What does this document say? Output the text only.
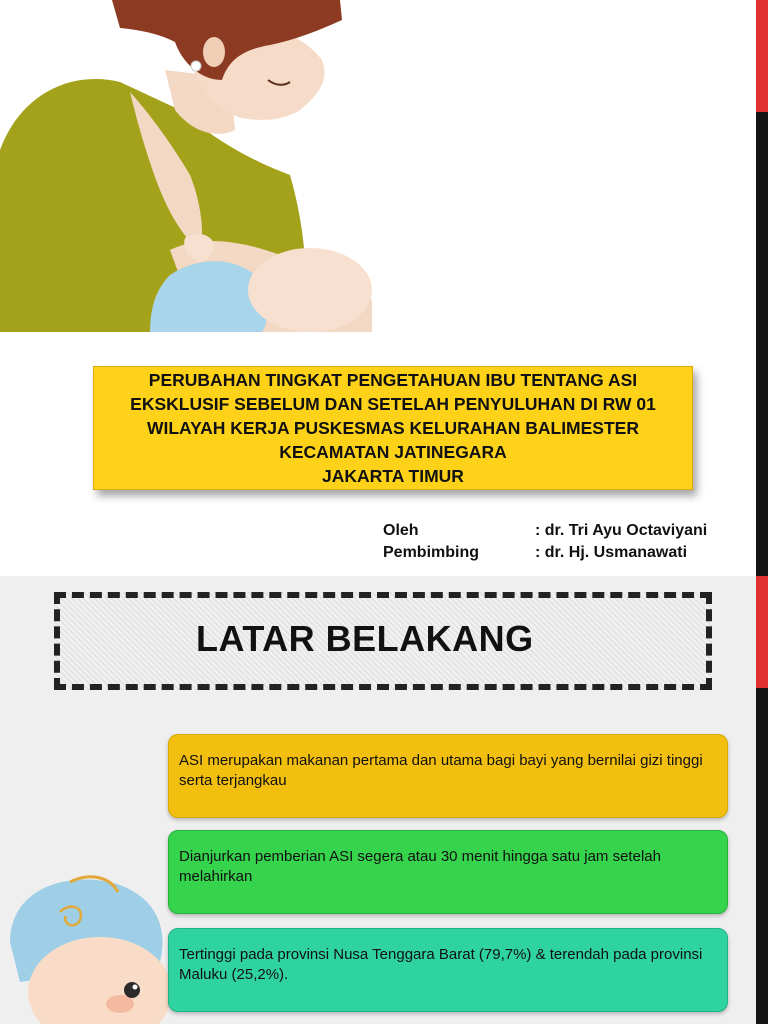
PERUBAHAN TINGKAT PENGETAHUAN IBU TENTANG ASI
EKSKLUSIF SEBELUM DAN SETELAH PENYULUHAN DI RW 01
WILAYAH KERJA PUSKESMAS KELURAHAN BALIMESTER
KECAMATAN JATINEGARA
JAKARTA TIMUR

Oleh	: dr. Tri Ayu Octaviyani
Pembimbing	: dr. Hj. Usmanawati
LATAR BELAKANG
ASI merupakan makanan pertama dan utama bagi bayi yang bernilai gizi tinggi serta terjangkau
Dianjurkan pemberian ASI segera atau 30 menit hingga satu jam setelah melahirkan
Tertinggi pada provinsi Nusa Tenggara Barat (79,7%) & terendah pada provinsi Maluku (25,2%).
